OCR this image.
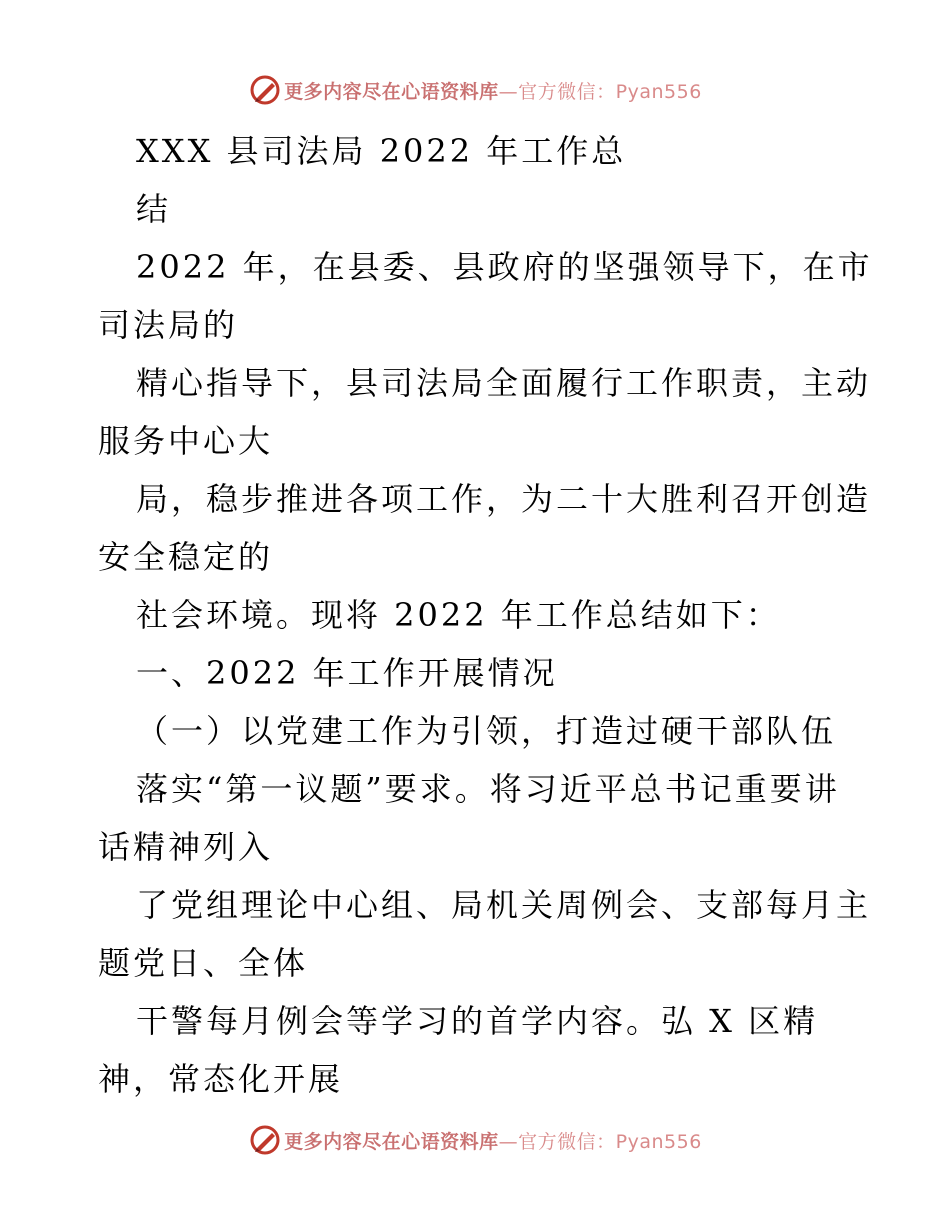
更多内容尽在心语资料库—官方微信：Pyan556
XXX 县司法局 2022 年工作总
结
2022 年，在县委、县政府的坚强领导下，在市
司法局的
精心指导下，县司法局全面履行工作职责，主动
服务中心大
局，稳步推进各项工作，为二十大胜利召开创造
安全稳定的
社会环境。现将 2022 年工作总结如下：
一、2022 年工作开展情况
（一）以党建工作为引领，打造过硬干部队伍
落实“第一议题”要求。将习近平总书记重要讲
话精神列入
了党组理论中心组、局机关周例会、支部每月主
题党日、全体
干警每月例会等学习的首学内容。弘 X 区精
神，常态化开展
更多内容尽在心语资料库—官方微信：Pyan556
